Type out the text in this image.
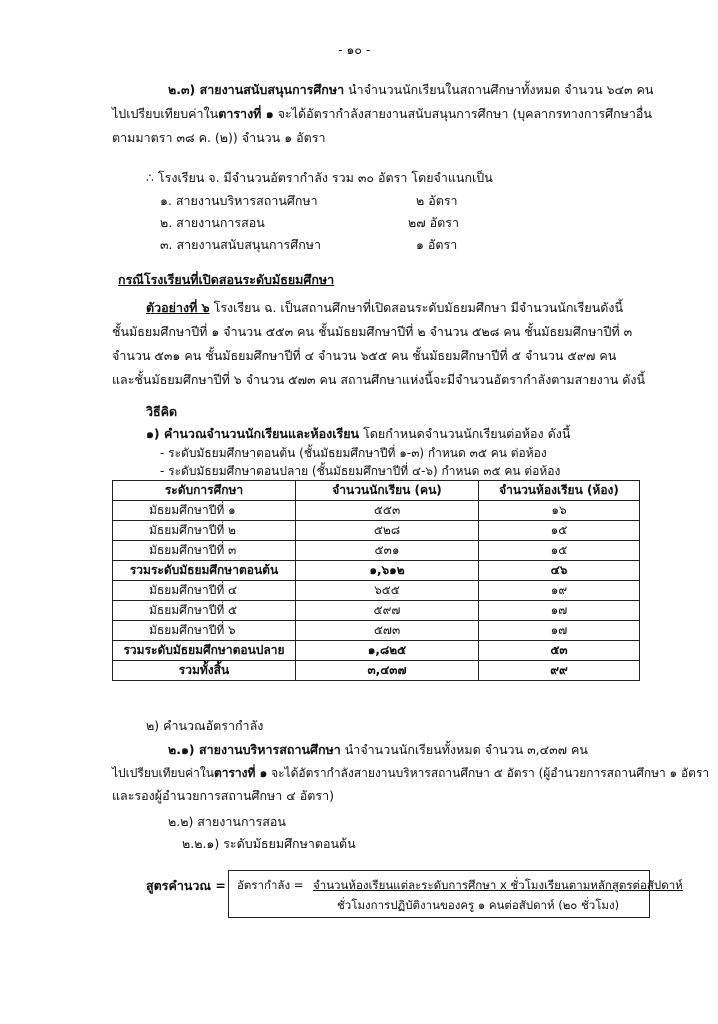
- ๑๐ -
๒.๓) สายงานสนับสนุนการศึกษา นำจำนวนนักเรียนในสถานศึกษาทั้งหมด จำนวน ๖๔๓ คน
ไปเปรียบเทียบค่าในตารางที่ ๑ จะได้อัตรากำลังสายงานสนับสนุนการศึกษา (บุคลากรทางการศึกษาอื่น
ตามมาตรา ๓๘ ค. (๒)) จำนวน ๑ อัตรา
∴ โรงเรียน จ. มีจำนวนอัตรากำลัง รวม ๓๐ อัตรา โดยจำแนกเป็น
๑. สายงานบริหารสถานศึกษา	๒ อัตรา
๒. สายงานการสอน	๒๗ อัตรา
๓. สายงานสนับสนุนการศึกษา	๑ อัตรา
กรณีโรงเรียนที่เปิดสอนระดับมัธยมศึกษา
ตัวอย่างที่ ๖ โรงเรียน ฉ. เป็นสถานศึกษาที่เปิดสอนระดับมัธยมศึกษา มีจำนวนนักเรียนดังนี้
ชั้นมัธยมศึกษาปีที่ ๑ จำนวน ๕๕๓ คน ชั้นมัธยมศึกษาปีที่ ๒ จำนวน ๕๒๘ คน ชั้นมัธยมศึกษาปีที่ ๓
จำนวน ๕๓๑ คน ชั้นมัธยมศึกษาปีที่ ๔ จำนวน ๖๕๕ คน ชั้นมัธยมศึกษาปีที่ ๕ จำนวน ๕๙๗ คน
และชั้นมัธยมศึกษาปีที่ ๖ จำนวน ๕๗๓ คน สถานศึกษาแห่งนี้จะมีจำนวนอัตรากำลังตามสายงาน ดังนี้
วิธีคิด
๑) คำนวณจำนวนนักเรียนและห้องเรียน โดยกำหนดจำนวนนักเรียนต่อห้อง ดังนี้
- ระดับมัธยมศึกษาตอนต้น (ชั้นมัธยมศึกษาปีที่ ๑-๓) กำหนด ๓๕ คน ต่อห้อง
- ระดับมัธยมศึกษาตอนปลาย (ชั้นมัธยมศึกษาปีที่ ๔-๖) กำหนด ๓๕ คน ต่อห้อง
ระดับการศึกษา	จำนวนนักเรียน (คน)	จำนวนห้องเรียน (ห้อง)
มัธยมศึกษาปีที่ ๑	๕๕๓	๑๖
มัธยมศึกษาปีที่ ๒	๕๒๘	๑๕
มัธยมศึกษาปีที่ ๓	๕๓๑	๑๕
รวมระดับมัธยมศึกษาตอนต้น	๑,๖๑๒	๔๖
มัธยมศึกษาปีที่ ๔	๖๕๕	๑๙
มัธยมศึกษาปีที่ ๕	๕๙๗	๑๗
มัธยมศึกษาปีที่ ๖	๕๗๓	๑๗
รวมระดับมัธยมศึกษาตอนปลาย	๑,๘๒๕	๕๓
รวมทั้งสิ้น	๓,๔๓๗	๙๙
๒) คำนวณอัตรากำลัง
๒.๑) สายงานบริหารสถานศึกษา นำจำนวนนักเรียนทั้งหมด จำนวน ๓,๔๓๗ คน
ไปเปรียบเทียบค่าในตารางที่ ๑ จะได้อัตรากำลังสายงานบริหารสถานศึกษา ๕ อัตรา (ผู้อำนวยการสถานศึกษา ๑ อัตรา
และรองผู้อำนวยการสถานศึกษา ๔ อัตรา)
๒.๒) สายงานการสอน
๒.๒.๑) ระดับมัธยมศึกษาตอนต้น
สูตรคำนวณ = อัตรากำลัง = จำนวนห้องเรียนแต่ละระดับการศึกษา x ชั่วโมงเรียนตามหลักสูตรต่อสัปดาห์
ชั่วโมงการปฏิบัติงานของครู ๑ คนต่อสัปดาห์ (๒๐ ชั่วโมง)
